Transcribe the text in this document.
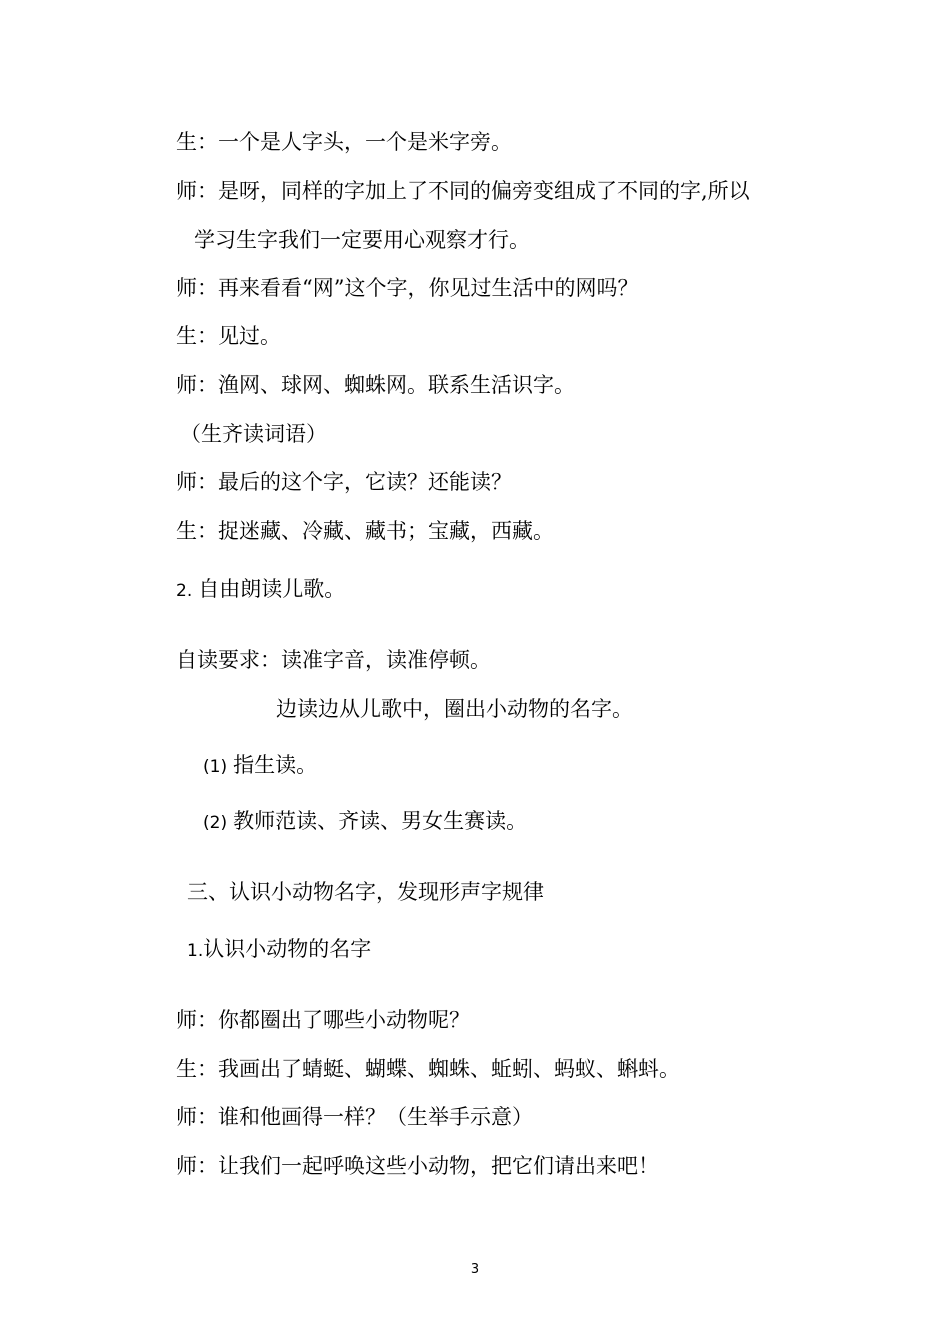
生：一个是人字头，一个是米字旁。
师：是呀，同样的字加上了不同的偏旁变组成了不同的字,所以
学习生字我们一定要用心观察才行。
师：再来看看“网”这个字，你见过生活中的网吗？
生：见过。
师：渔网、球网、蜘蛛网。联系生活识字。
（生齐读词语）
师：最后的这个字，它读？还能读？
生：捉迷藏、冷藏、藏书；宝藏，西藏。
2. 自由朗读儿歌。
自读要求：读准字音，读准停顿。
边读边从儿歌中，圈出小动物的名字。
(1) 指生读。
(2) 教师范读、齐读、男女生赛读。
三、认识小动物名字，发现形声字规律
1.认识小动物的名字
师：你都圈出了哪些小动物呢？
生：我画出了蜻蜓、蝴蝶、蜘蛛、蚯蚓、蚂蚁、蝌蚪。
师：谁和他画得一样？（生举手示意）
师：让我们一起呼唤这些小动物，把它们请出来吧！
3
